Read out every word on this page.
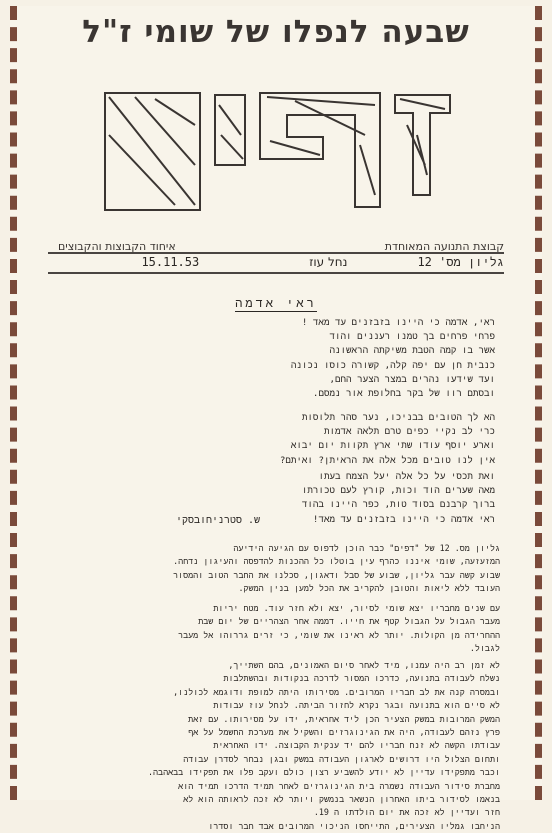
שבעה לנפלו של שומי ז"ל
קבוצת התנועה המאוחדת
איחוד הקבוצות והקבוצים
גליון מס' 12
נחל עוז
15.11.53
ראי אדמה
ראי, אדמה כי היינו בזבזנים עד מאד !
פרחי פרחים בך טמנו רעננים והוד
אשר בו קמה הטבת משיקתה הראשונה
כנבית חן עם יפה קלה, קשורה כוסו נכונה
ועד שידעו נהרים במצר הצער החם,
ובסתם רוו של בקר בחלופת אור נמסם.
הא לך הטובים בבניכו, נער סהר תלוסות
כרי לב נקיי כפים טרם תלאה אדמות
וארע יוסף עודו שתי ארץ תקוות יום יבוא
אין לנו טובים מכל אלה את הראיתן? ואיתם?
ואת תכסי על כל אלה יעל הצמח בעתו
מאה שערים הוד וכות, קורץ לעם טכורתו
ברוך קרבנם בסוד טות, כפר היינו בהוד
ראי אדמה כי היינו בזבזנים עד מאד!
ש. סטרניחובסקי
גליון מס. 12 של "דפים" כבר הוכן לדפוס עם הגיעה הידיעה
המזעזעה, שומי איננו כהרף עין בוטלו כל ההכנות להדפסה והעיגון נדחה.
שבוע קשה עבר גליון, שבוע של סבל ודאגון, סכלנו את החבר הטוב והמסור
העובד ללא ליאות והטובן להקריב את הכל למען בנין המשק.
עם שנים מחבריו יצא שומי לסיור, יצא ולא חזר עוד. מטח יריות
מעבר הגבול על הגבול קטף את חייו. דממה אחר הצהריים של יום שבת
ההחרידה מן הקולות. יותר לא ראינו את שומי, כי זרים גררוהו אל מעבר
לגבול.
לא זמן רב היה עמנו, מיד לאחר סיום האמונים, בהם השתייך,
נשלח לעבודה בתנועה, כדרכו המסור לדרכה בנקודות ובהשתלבות
ובמסרה קנה את לב חבריו המרובים. מסירותו היתה למופת ודוגמא לכולנו,
לא סיים הוא בתנועה ובגר נקרא לחזור הביתה. לנחל עוז עבודות
המשק המרובות במשק הצעיר הכן ליד אחראית, ידו על מסירותו. עם זאת
פרץ נזהם לעבודה, היה את הגינוגרזים והשקיל את מערכת החשמל על אף
עבודתו הקשה לא זנח חבריו להם יד ענקית הקבוצה. ידו האחראית
ותחום הצלול היו דרושים לארגון העבודה במשק ובגן נבחר לסדרן עבודה
וכבר מתפקידו עדיין לא יודע להשביע רצון כולם ועקב פלו את תפקידו בבאהבה.
מחברת סידור העבודה נשמרה בית הגינוגרזים לאחר תמיד הדרכו תמיד הוא
בנאמו לסידור ביתו האחרון הנשאר בנמשק ויותר לא זכה לראותה הוא לא
חזר ועדיין לא זכה את יום הולדתו ה 19.
הניחבו גמליו הצעירים, התייחסו הניכוי המרובים אבד חבר וסדרו
